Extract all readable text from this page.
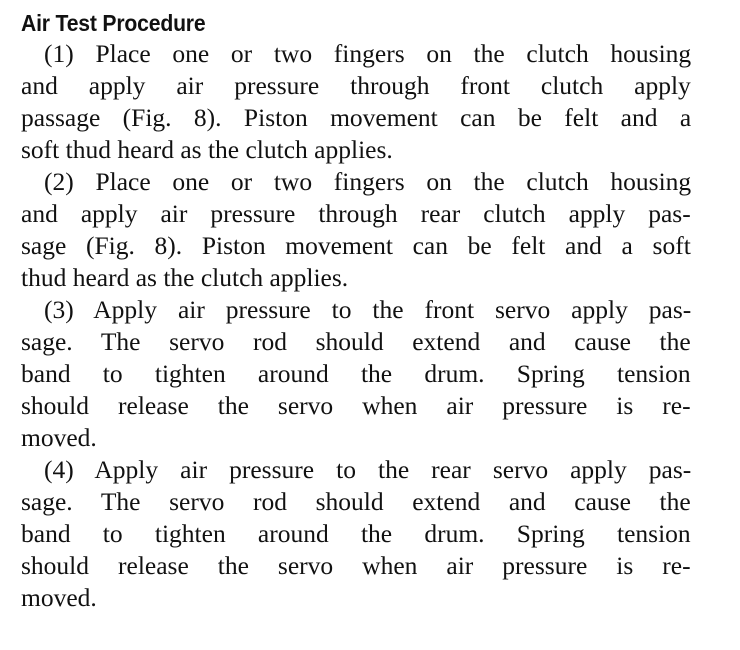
Air Test Procedure
(1) Place one or two fingers on the clutch housing
and apply air pressure through front clutch apply
passage (Fig. 8). Piston movement can be felt and a
soft thud heard as the clutch applies.
(2) Place one or two fingers on the clutch housing
and apply air pressure through rear clutch apply pas-
sage (Fig. 8). Piston movement can be felt and a soft
thud heard as the clutch applies.
(3) Apply air pressure to the front servo apply pas-
sage. The servo rod should extend and cause the
band to tighten around the drum. Spring tension
should release the servo when air pressure is re-
moved.
(4) Apply air pressure to the rear servo apply pas-
sage. The servo rod should extend and cause the
band to tighten around the drum. Spring tension
should release the servo when air pressure is re-
moved.
